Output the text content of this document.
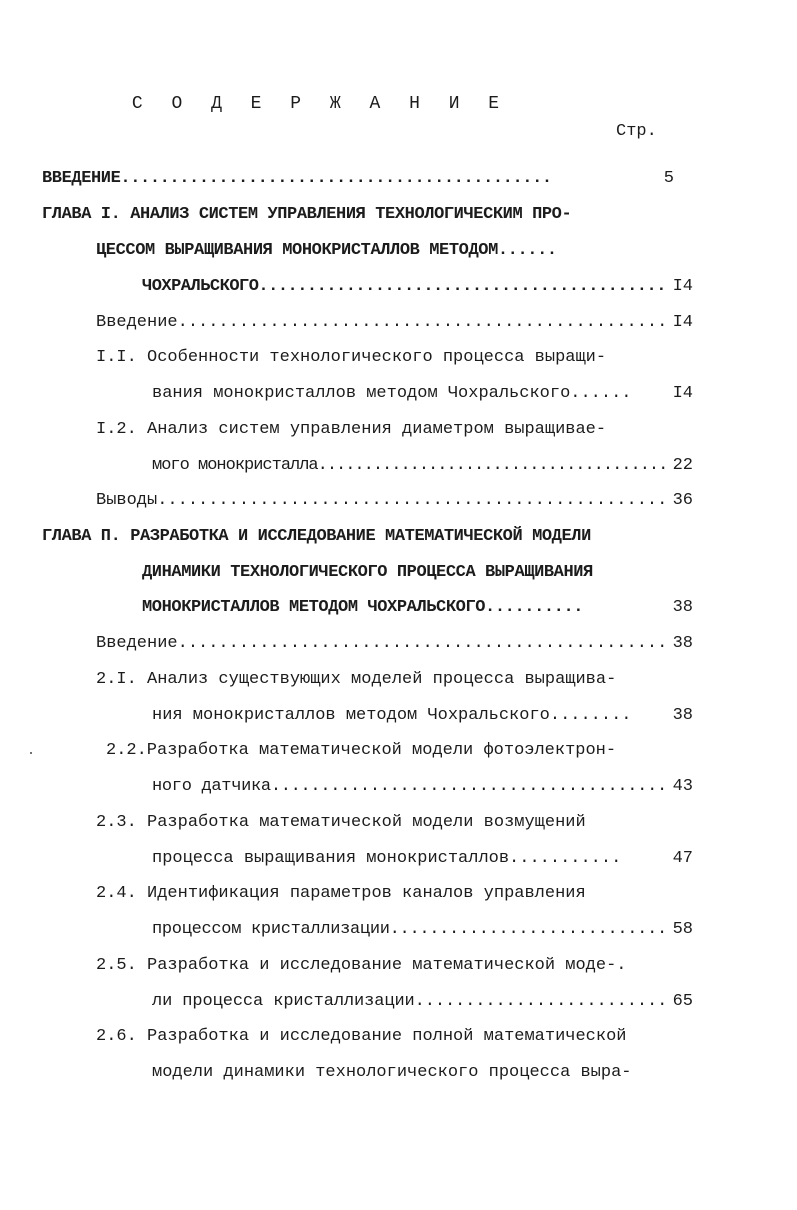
С О Д Е Р Ж А Н И Е
Стр.
ВВЕДЕНИЕ............................................	5
ГЛАВА I. АНАЛИЗ СИСТЕМ УПРАВЛЕНИЯ ТЕХНОЛОГИЧЕСКИМ ПРО-
ЦЕССОМ ВЫРАЩИВАНИЯ МОНОКРИСТАЛЛОВ МЕТОДОМ......
ЧОХРАЛЬСКОГО.......................................... I4
Введение................................................ I4
I.I. Особенности технологического процесса выращи-
вания монокристаллов методом Чохральского......	I4
I.2. Анализ систем управления диаметром выращивае-
мого монокристалла...................................... 22
Выводы.................................................. 36
ГЛАВА П. РАЗРАБОТКА И ИССЛЕДОВАНИЕ МАТЕМАТИЧЕСКОЙ МОДЕЛИ
ДИНАМИКИ ТЕХНОЛОГИЧЕСКОГО ПРОЦЕССА ВЫРАЩИВАНИЯ
МОНОКРИСТАЛЛОВ МЕТОДОМ ЧОХРАЛЬСКОГО..........	38
Введение................................................ 38
2.I. Анализ существующих моделей процесса выращива-
ния монокристаллов методом Чохральского........	38
2.2.Разработка математической модели фотоэлектрон-
ного датчика........................................ 43
2.3. Разработка математической модели возмущений
процесса выращивания монокристаллов...........	47
2.4. Идентификация параметров каналов управления
процессом кристаллизации............................ 58
2.5. Разработка и исследование математической моде-.
ли процесса кристаллизации......................... 65
2.6. Разработка и исследование полной математической
модели динамики технологического процесса выра-
